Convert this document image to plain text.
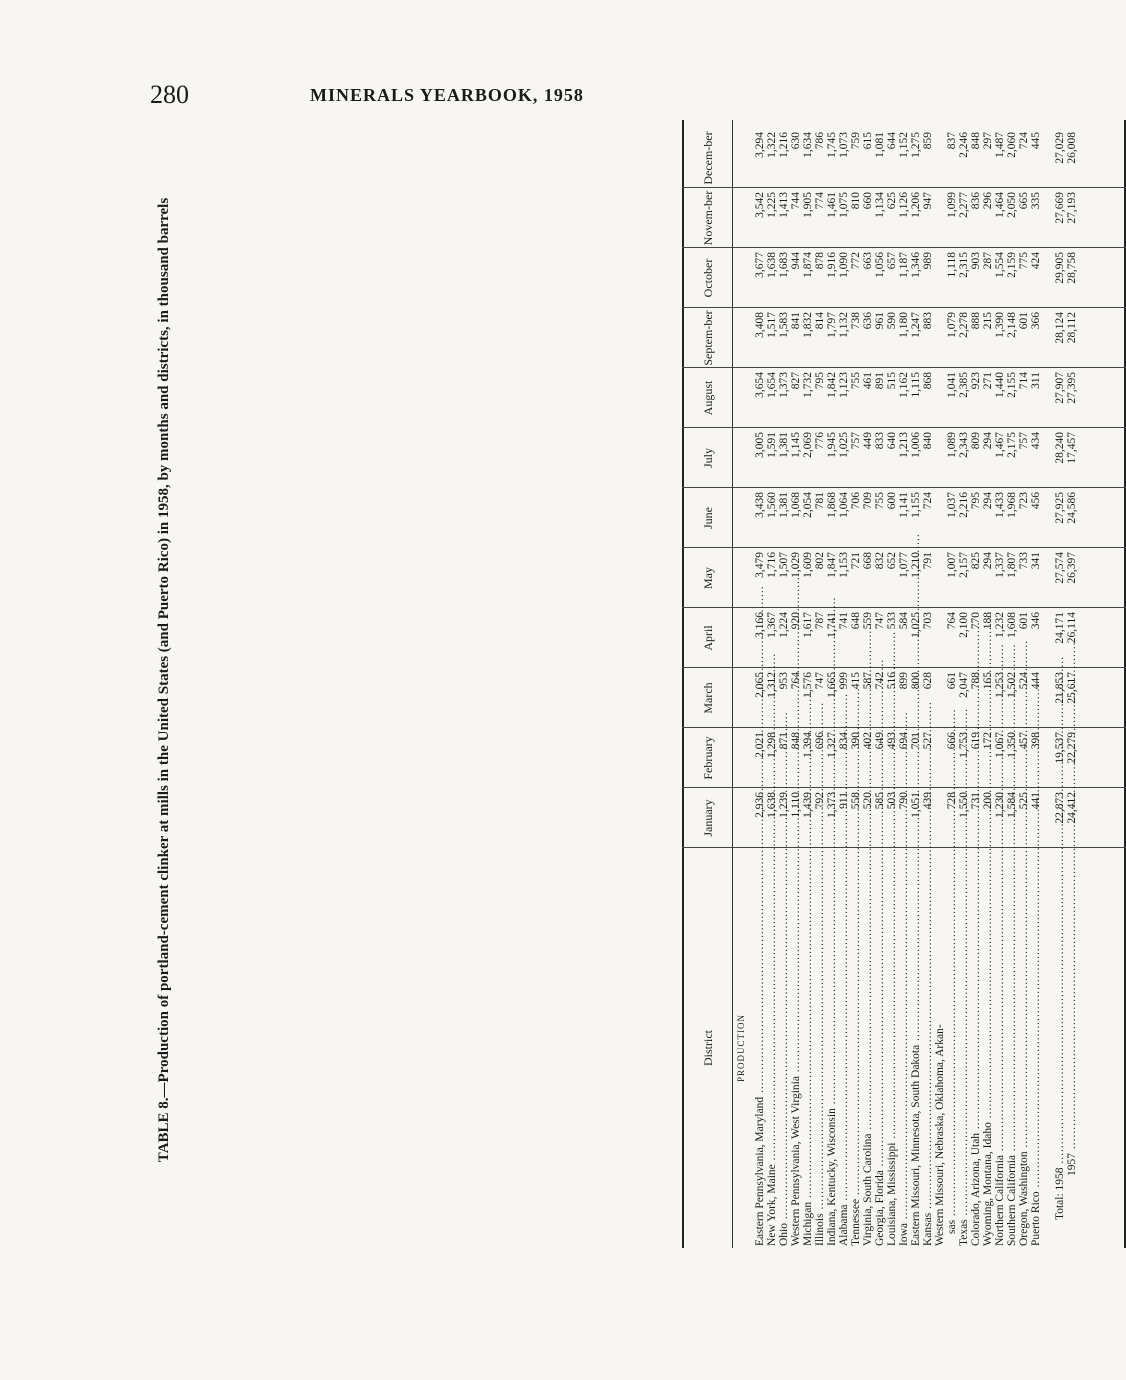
280	MINERALS YEARBOOK, 1958
TABLE 8.—Production of portland-cement clinker at mills in the United States (and Puerto Rico) in 1958, by months and districts, in thousand barrels	PRODUCTION
District
January
February
March
April
May
June
July
August
Septem-ber
October
Novem-ber
Decem-ber
Eastern Pennsylvania, Maryland .....
2,936
2,021
2,065
3,166
3,479
3,438
3,005
3,654
3,408
3,677
3,542
3,294
New York, Maine .....
1,638
1,298
1,312
1,367
1,716
1,560
1,591
1,654
1,517
1,638
1,225
1,322
Ohio .....
1,239
871
953
1,224
1,507
1,381
1,381
1,373
1,583
1,683
1,413
1,216
Western Pennsylvania, West Virginia .....
1,110
848
764
920
1,029
1,068
1,145
827
841
944
744
630
Michigan .....
1,439
1,394
1,576
1,617
1,609
2,054
2,069
1,732
1,832
1,874
1,905
1,634
Illinois .....
792
696
747
787
802
781
776
795
814
878
774
786
Indiana, Kentucky, Wisconsin .....
1,373
1,327
1,665
1,741
1,847
1,868
1,945
1,842
1,797
1,916
1,461
1,745
Alabama .....
911
834
999
741
1,153
1,064
1,025
1,123
1,132
1,090
1,075
1,073
Tennessee .....
558
390
415
648
721
706
757
755
738
772
810
759
Virginia, South Carolina .....
520
402
587
559
668
709
449
461
636
663
660
615
Georgia, Florida .....
585
649
742
747
832
755
833
891
961
1,056
1,134
1,081
Louisiana, Mississippi .....
503
493
516
533
652
600
640
515
590
657
625
644
Iowa .....
790
694
899
584
1,077
1,141
1,213
1,162
1,180
1,187
1,126
1,152
Eastern Missouri, Minnesota, South Dakota .....
1,051
701
800
1,025
1,210
1,155
1,006
1,115
1,247
1,346
1,206
1,275
Kansas .....
439
527
628
703
791
724
840
868
883
989
947
859
Western Missouri, Nebraska, Oklahoma, Arkan- sas .....
728
666
661
764
1,007
1,037
1,089
1,041
1,079
1,118
1,099
837
Texas .....
1,550
1,753
2,047
2,100
2,157
2,216
2,343
2,385
2,278
2,315
2,277
2,246
Colorado, Arizona, Utah .....
731
619
788
770
825
795
809
923
888
903
836
848
Wyoming, Montana, Idaho .....
200
172
165
188
294
294
294
271
215
287
296
297
Northern California .....
1,230
1,067
1,253
1,232
1,337
1,433
1,467
1,440
1,390
1,554
1,464
1,487
Southern California .....
1,584
1,350
1,502
1,608
1,807
1,968
2,175
2,155
2,148
2,159
2,050
2,060
Oregon, Washington .....
525
457
524
601
733
723
757
714
601
775
665
724
Puerto Rico .....
441
398
444
346
341
456
434
311
366
424
335
445
Total: 1958 .....
22,873
19,537
21,853
24,171
27,574
27,925
28,240
27,907
28,124
29,905
27,669
27,029
1957 .....
24,412
22,279
25,617
26,114
26,397
24,586
17,457
27,395
28,112
28,758
27,193
26,008
